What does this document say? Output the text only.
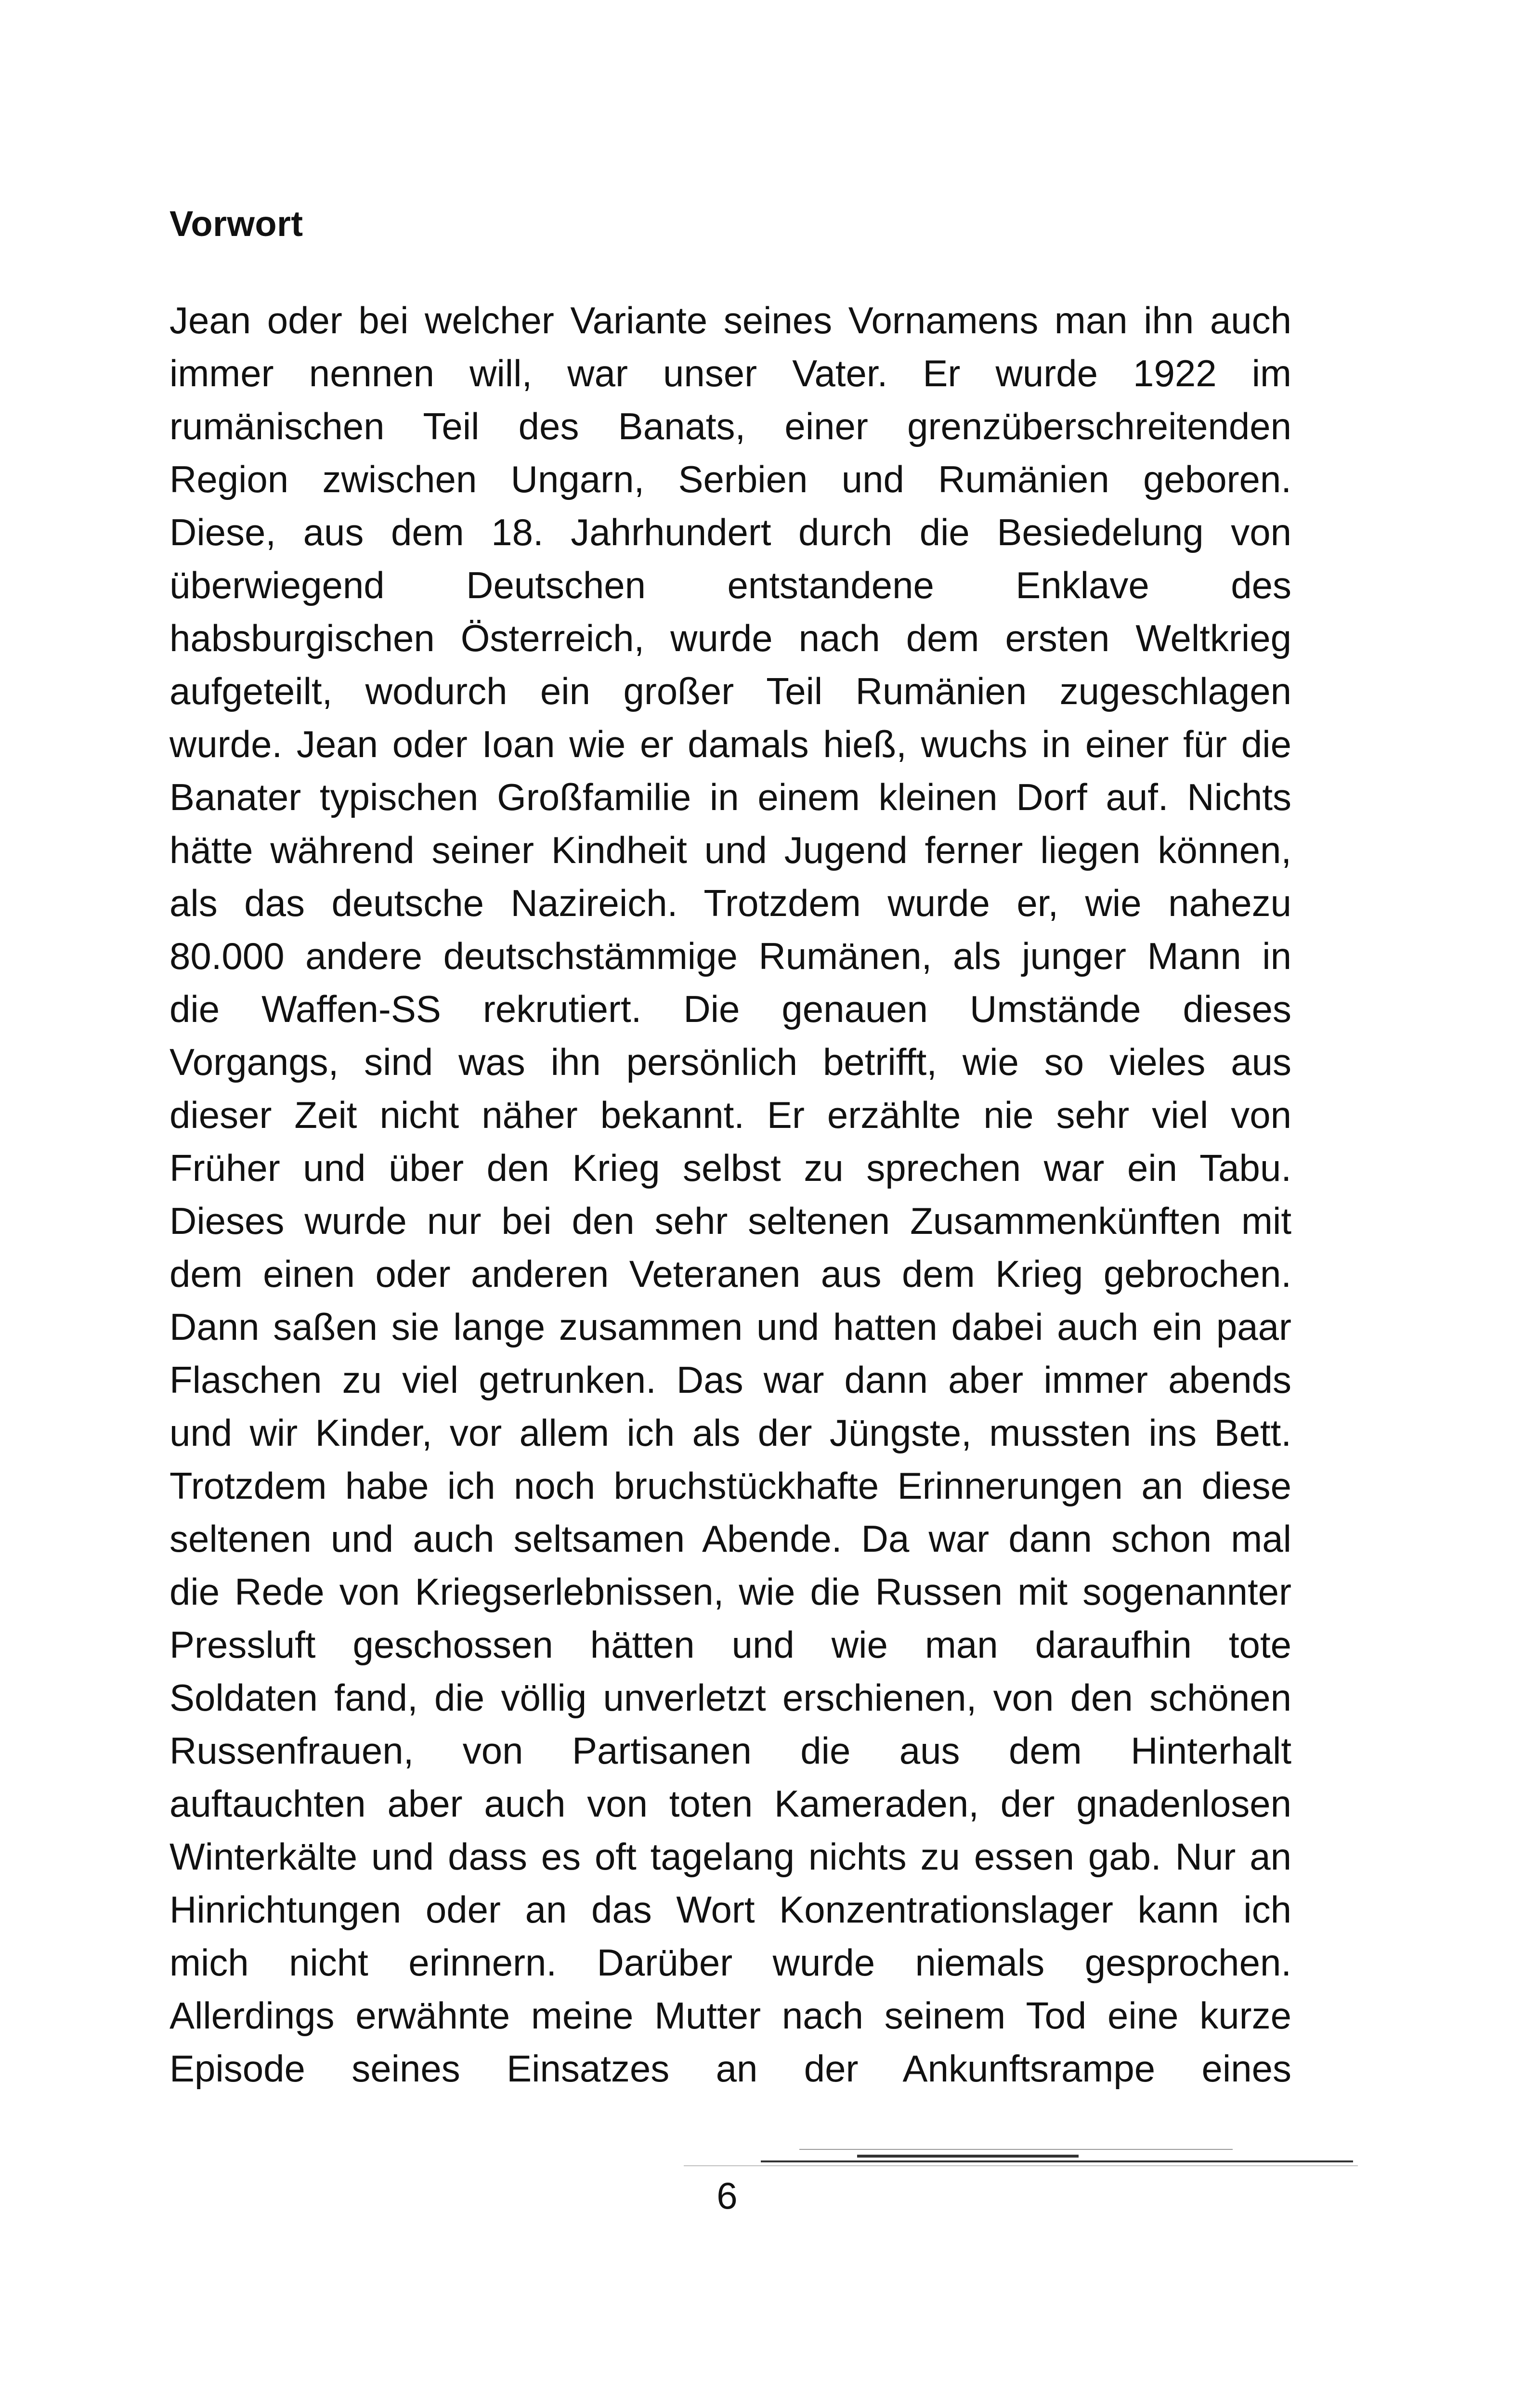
Vorwort
Jean oder bei welcher Variante seines Vornamens man ihn auch
immer nennen will, war unser Vater. Er wurde 1922 im
rumänischen Teil des Banats, einer grenzüberschreitenden
Region zwischen Ungarn, Serbien und Rumänien geboren.
Diese, aus dem 18. Jahrhundert durch die Besiedelung von
überwiegend Deutschen entstandene Enklave des
habsburgischen Österreich, wurde nach dem ersten Weltkrieg
aufgeteilt, wodurch ein großer Teil Rumänien zugeschlagen
wurde. Jean oder Ioan wie er damals hieß, wuchs in einer für die
Banater typischen Großfamilie in einem kleinen Dorf auf. Nichts
hätte während seiner Kindheit und Jugend ferner liegen können,
als das deutsche Nazireich. Trotzdem wurde er, wie nahezu
80.000 andere deutschstämmige Rumänen, als junger Mann in
die Waffen-SS rekrutiert. Die genauen Umstände dieses
Vorgangs, sind was ihn persönlich betrifft, wie so vieles aus
dieser Zeit nicht näher bekannt. Er erzählte nie sehr viel von
Früher und über den Krieg selbst zu sprechen war ein Tabu.
Dieses wurde nur bei den sehr seltenen Zusammenkünften mit
dem einen oder anderen Veteranen aus dem Krieg gebrochen.
Dann saßen sie lange zusammen und hatten dabei auch ein paar
Flaschen zu viel getrunken. Das war dann aber immer abends
und wir Kinder, vor allem ich als der Jüngste, mussten ins Bett.
Trotzdem habe ich noch bruchstückhafte Erinnerungen an diese
seltenen und auch seltsamen Abende. Da war dann schon mal
die Rede von Kriegserlebnissen, wie die Russen mit sogenannter
Pressluft geschossen hätten und wie man daraufhin tote
Soldaten fand, die völlig unverletzt erschienen, von den schönen
Russenfrauen, von Partisanen die aus dem Hinterhalt
auftauchten aber auch von toten Kameraden, der gnadenlosen
Winterkälte und dass es oft tagelang nichts zu essen gab. Nur an
Hinrichtungen oder an das Wort Konzentrationslager kann ich
mich nicht erinnern. Darüber wurde niemals gesprochen.
Allerdings erwähnte meine Mutter nach seinem Tod eine kurze
Episode seines Einsatzes an der Ankunftsrampe eines
6
